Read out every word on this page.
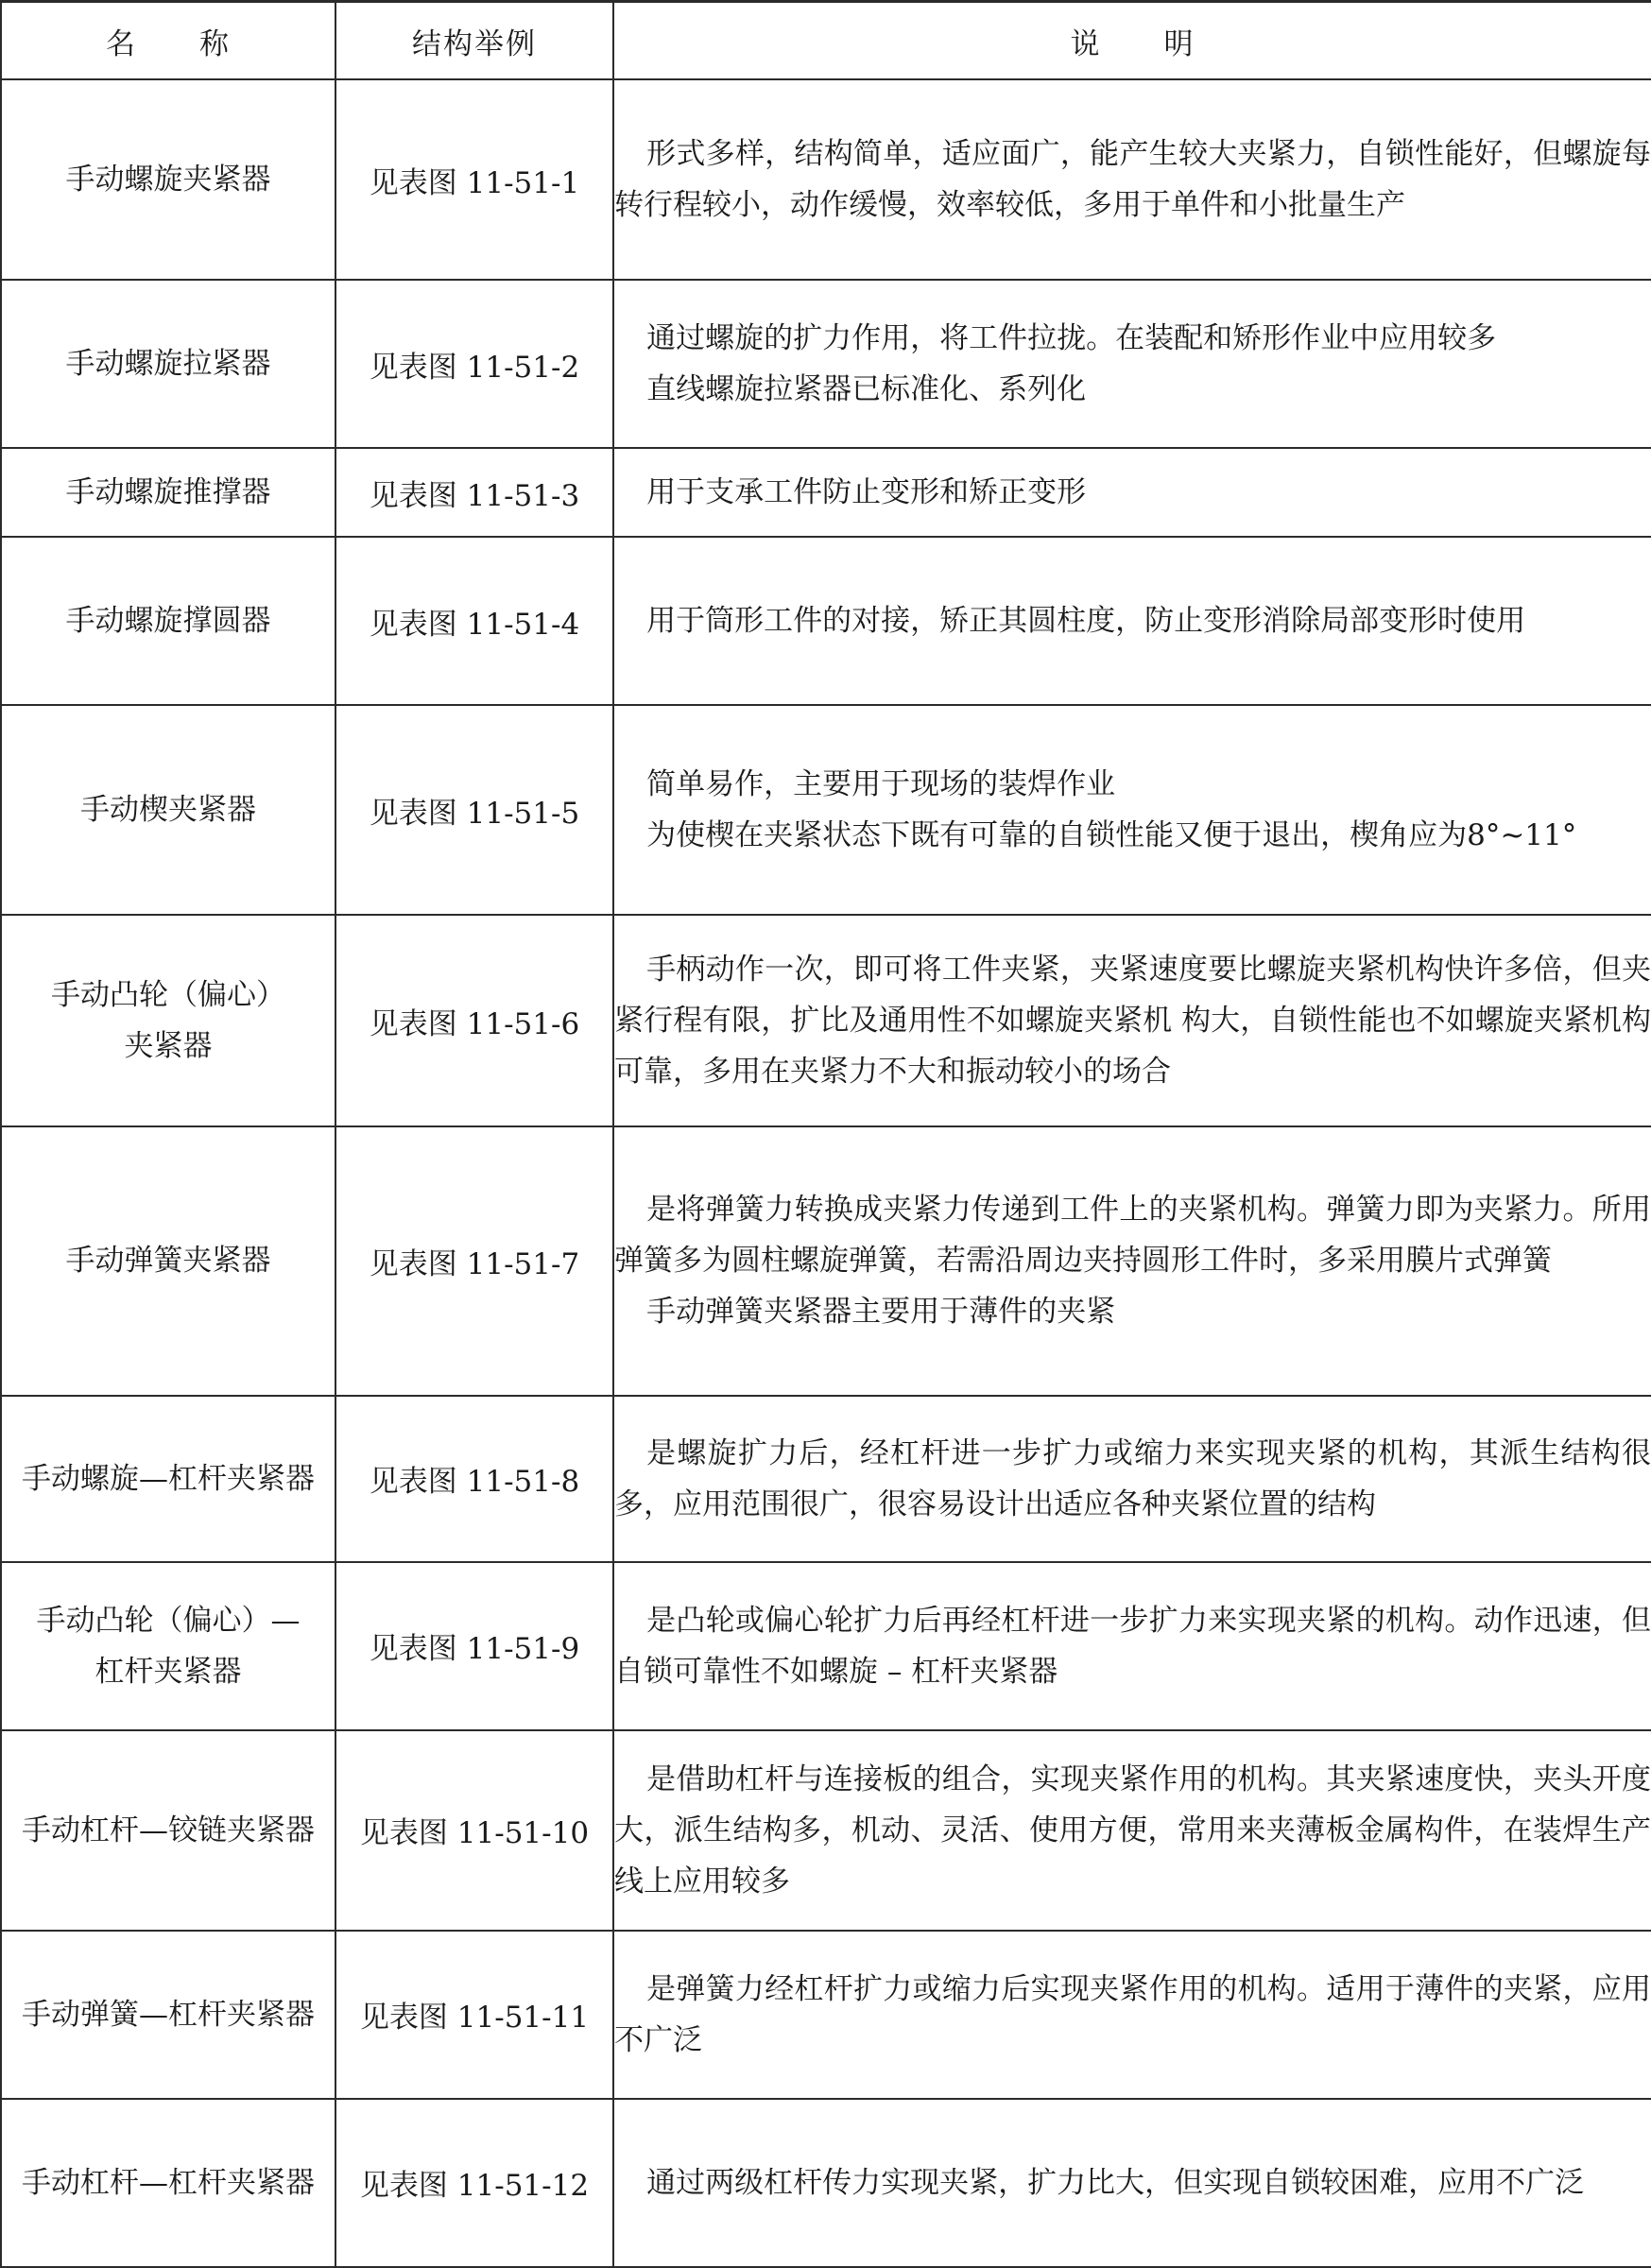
名　　称	结构举例	说　　明
手动螺旋夹紧器	见表图 11-51-1	形式多样，结构简单，适应面广，能产生较大夹紧力，自锁性能好，但螺旋每转行程较小，动作缓慢，效率较低，多用于单件和小批量生产

手动螺旋拉紧器	见表图 11-51-2	通过螺旋的扩力作用，将工件拉拢。在装配和矫形作业中应用较多
直线螺旋拉紧器已标准化、系列化

手动螺旋推撑器	见表图 11-51-3	用于支承工件防止变形和矫正变形

手动螺旋撑圆器	见表图 11-51-4	用于筒形工件的对接，矫正其圆柱度，防止变形消除局部变形时使用

手动楔夹紧器	见表图 11-51-5	简单易作，主要用于现场的装焊作业
为使楔在夹紧状态下既有可靠的自锁性能又便于退出，楔角应为8°~11°

手动凸轮（偏心）
夹紧器	见表图 11-51-6	手柄动作一次，即可将工件夹紧，夹紧速度要比螺旋夹紧机构快许多倍，但夹紧行程有限，扩比及通用性不如螺旋夹紧机 构大，自锁性能也不如螺旋夹紧机构可靠，多用在夹紧力不大和振动较小的场合

手动弹簧夹紧器	见表图 11-51-7	是将弹簧力转换成夹紧力传递到工件上的夹紧机构。弹簧力即为夹紧力。所用弹簧多为圆柱螺旋弹簧，若需沿周边夹持圆形工件时，多采用膜片式弹簧
手动弹簧夹紧器主要用于薄件的夹紧

手动螺旋—杠杆夹紧器	见表图 11-51-8	是螺旋扩力后，经杠杆进一步扩力或缩力来实现夹紧的机构，其派生结构很多，应用范围很广，很容易设计出适应各种夹紧位置的结构

手动凸轮（偏心）—
杠杆夹紧器	见表图 11-51-9	是凸轮或偏心轮扩力后再经杠杆进一步扩力来实现夹紧的机构。动作迅速，但自锁可靠性不如螺旋 – 杠杆夹紧器

手动杠杆—铰链夹紧器	见表图 11-51-10	是借助杠杆与连接板的组合，实现夹紧作用的机构。其夹紧速度快，夹头开度大，派生结构多，机动、灵活、使用方便，常用来夹薄板金属构件，在装焊生产线上应用较多

手动弹簧—杠杆夹紧器	见表图 11-51-11	是弹簧力经杠杆扩力或缩力后实现夹紧作用的机构。适用于薄件的夹紧，应用不广泛

手动杠杆—杠杆夹紧器	见表图 11-51-12	通过两级杠杆传力实现夹紧，扩力比大，但实现自锁较困难，应用不广泛
